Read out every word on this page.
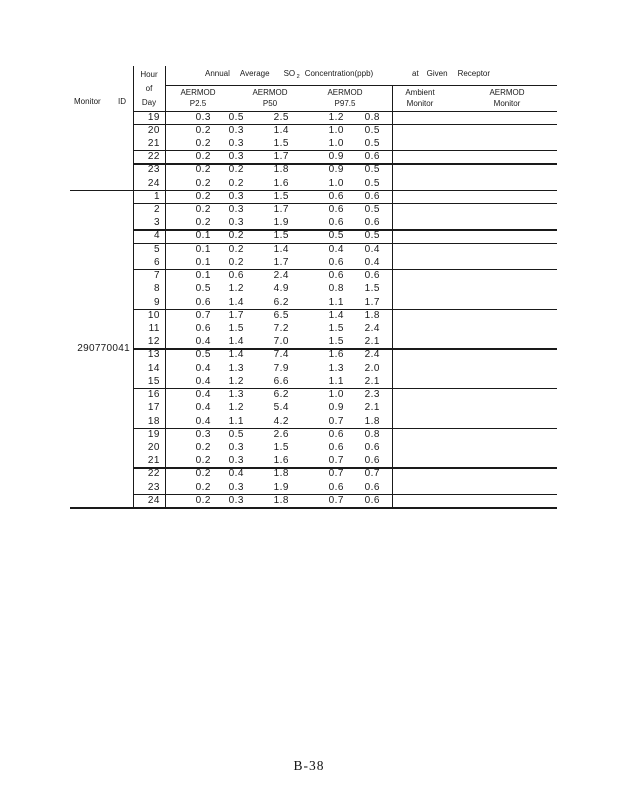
Annual Average SO $_2$ Concentration(ppb)	at Given Receptor
Monitor ID
Hour
of
Day
AERMOD
P2.5
AERMOD
P50
AERMOD
P97.5
Ambient
Monitor
AERMOD
Monitor
19	0.3	0.5	2.5	1.2	0.8
20	0.2	0.3	1.4	1.0	0.5
21	0.2	0.3	1.5	1.0	0.5
22	0.2	0.3	1.7	0.9	0.6
23	0.2	0.2	1.8	0.9	0.5
24	0.2	0.2	1.6	1.0	0.5
1	0.2	0.3	1.5	0.6	0.6
2	0.2	0.3	1.7	0.6	0.5
3	0.2	0.3	1.9	0.6	0.6
4	0.1	0.2	1.5	0.5	0.5
5	0.1	0.2	1.4	0.4	0.4
6	0.1	0.2	1.7	0.6	0.4
7	0.1	0.6	2.4	0.6	0.6
8	0.5	1.2	4.9	0.8	1.5
9	0.6	1.4	6.2	1.1	1.7
10	0.7	1.7	6.5	1.4	1.8
11	0.6	1.5	7.2	1.5	2.4
12	0.4	1.4	7.0	1.5	2.1
13	0.5	1.4	7.4	1.6	2.4
14	0.4	1.3	7.9	1.3	2.0
15	0.4	1.2	6.6	1.1	2.1
16	0.4	1.3	6.2	1.0	2.3
17	0.4	1.2	5.4	0.9	2.1
18	0.4	1.1	4.2	0.7	1.8
19	0.3	0.5	2.6	0.6	0.8
20	0.2	0.3	1.5	0.6	0.6
21	0.2	0.3	1.6	0.7	0.6
22	0.2	0.4	1.8	0.7	0.7
23	0.2	0.3	1.9	0.6	0.6
24	0.2	0.3	1.8	0.7	0.6
290770041
B-38
